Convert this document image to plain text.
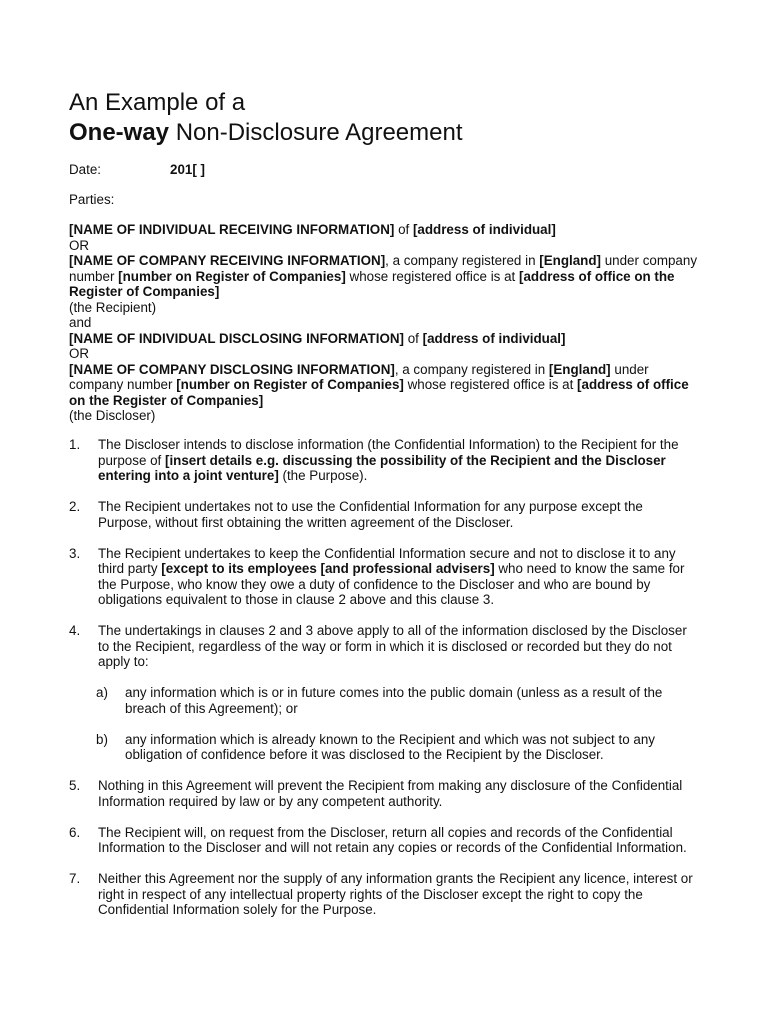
An Example of a
One-way Non-Disclosure Agreement
Date:	201[ ]
Parties:

[NAME OF INDIVIDUAL RECEIVING INFORMATION] of [address of individual]

OR

[NAME OF COMPANY RECEIVING INFORMATION], a company registered in [England] under company number [number on Register of Companies] whose registered office is at [address of office on the Register of Companies]

(the Recipient)

and

[NAME OF INDIVIDUAL DISCLOSING INFORMATION] of [address of individual]

OR

[NAME OF COMPANY DISCLOSING INFORMATION], a company registered in [England] under company number [number on Register of Companies] whose registered office is at [address of office on the Register of Companies]

(the Discloser)

1. The Discloser intends to disclose information (the Confidential Information) to the Recipient for the purpose of [insert details e.g. discussing the possibility of the Recipient and the Discloser entering into a joint venture] (the Purpose).
2. The Recipient undertakes not to use the Confidential Information for any purpose except the Purpose, without first obtaining the written agreement of the Discloser.
3. The Recipient undertakes to keep the Confidential Information secure and not to disclose it to any third party [except to its employees [and professional advisers] who need to know the same for the Purpose, who know they owe a duty of confidence to the Discloser and who are bound by obligations equivalent to those in clause 2 above and this clause 3.
4. The undertakings in clauses 2 and 3 above apply to all of the information disclosed by the Discloser to the Recipient, regardless of the way or form in which it is disclosed or recorded but they do not apply to:
a) any information which is or in future comes into the public domain (unless as a result of the breach of this Agreement); or
b) any information which is already known to the Recipient and which was not subject to any obligation of confidence before it was disclosed to the Recipient by the Discloser.
5. Nothing in this Agreement will prevent the Recipient from making any disclosure of the Confidential Information required by law or by any competent authority.
6. The Recipient will, on request from the Discloser, return all copies and records of the Confidential Information to the Discloser and will not retain any copies or records of the Confidential Information.
7. Neither this Agreement nor the supply of any information grants the Recipient any licence, interest or right in respect of any intellectual property rights of the Discloser except the right to copy the Confidential Information solely for the Purpose.
